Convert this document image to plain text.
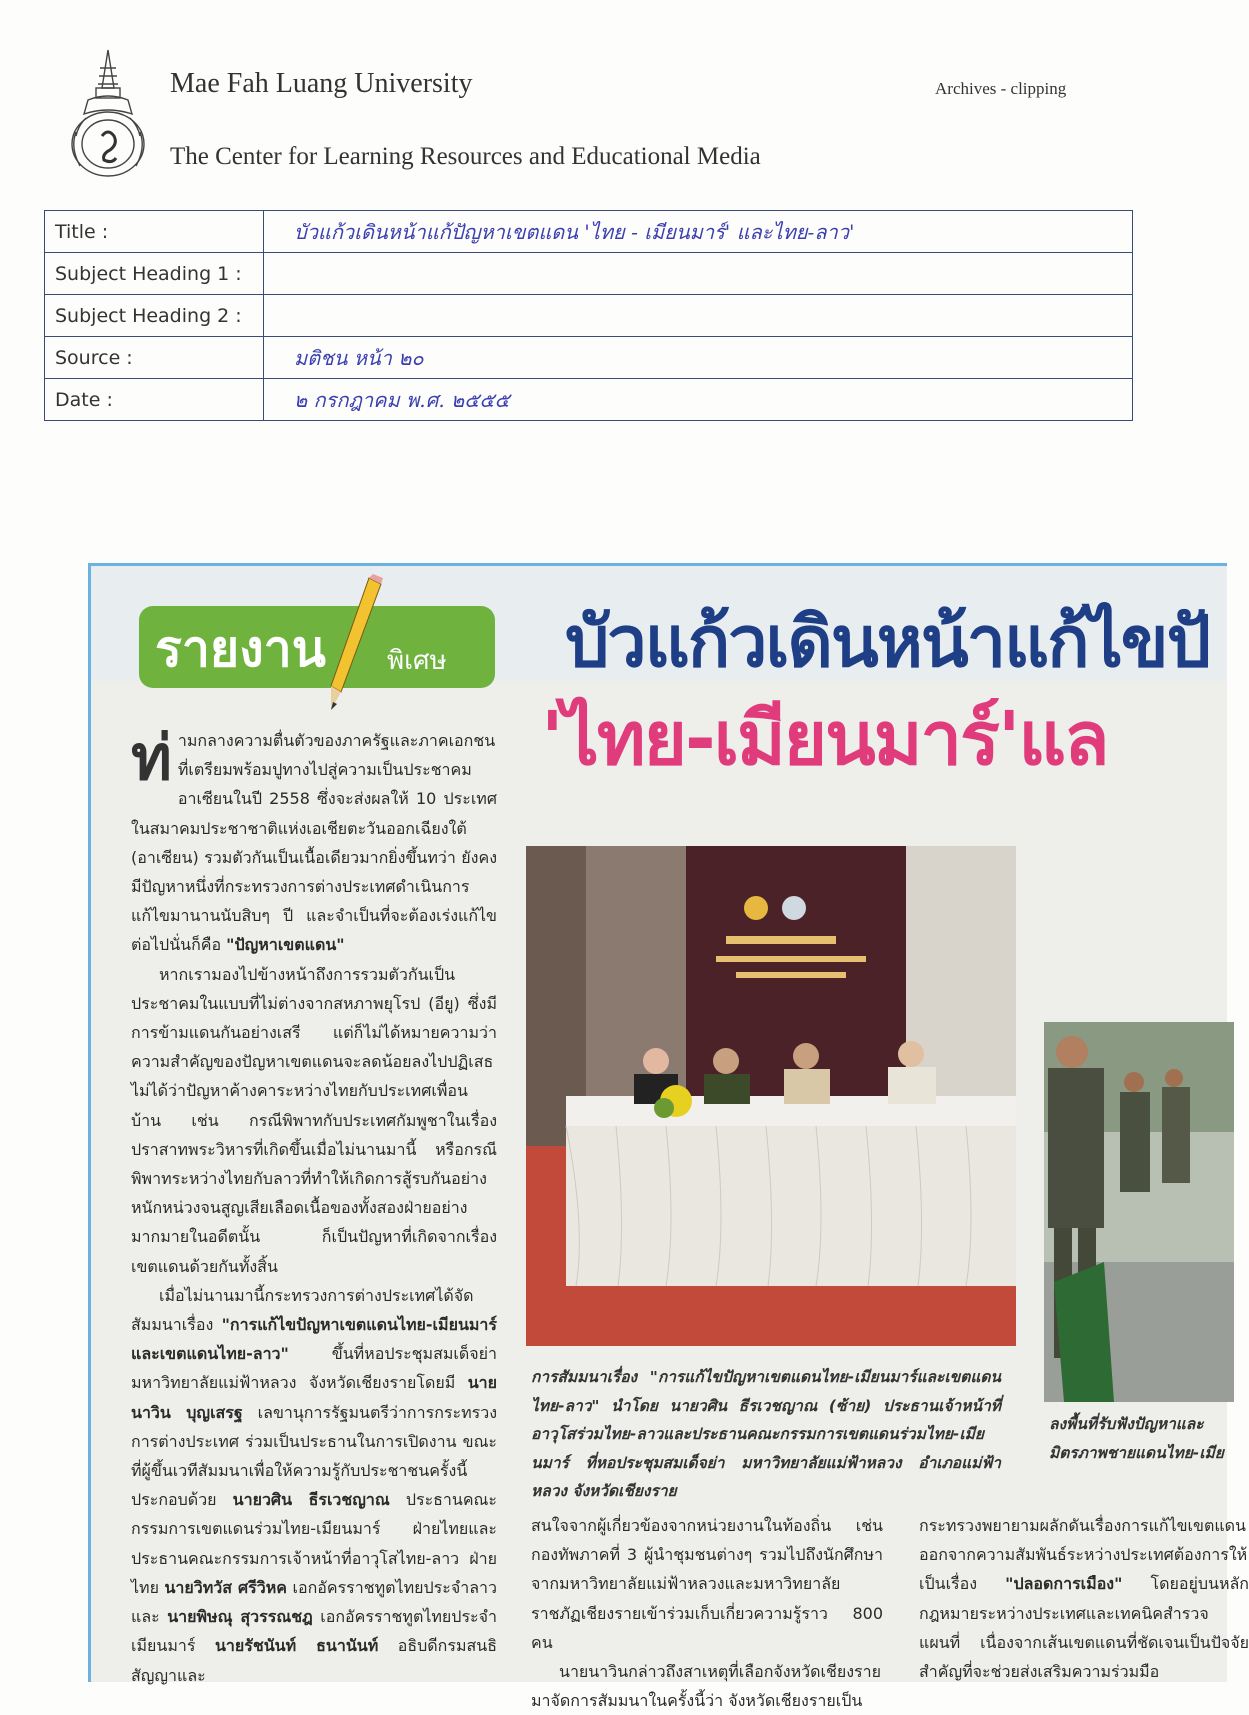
Mae Fah Luang University
The Center for Learning Resources and Educational Media
Archives - clipping
Title :	บัวแก้วเดินหน้าแก้ปัญหาเขตแดน 'ไทย - เมียนมาร์' และไทย-ลาว'
Subject Heading 1 :	
Subject Heading 2 :	
Source :	มติชน หน้า ๒๐
Date :	๒ กรกฎาคม พ.ศ. ๒๕๕๕
รายงาน พิเศษ บัวแก้วเดินหน้าแก้ไขปั
'ไทย-เมียนมาร์'แล

ท่ามกลางความตื่นตัวของภาครัฐและภาคเอกชนที่เตรียมพร้อมปูทางไปสู่ความเป็นประชาคมอาเซียนในปี 2558 ซึ่งจะส่งผลให้ 10 ประเทศในสมาคมประชาชาติแห่งเอเชียตะวันออกเฉียงใต้ (อาเซียน) รวมตัวกันเป็นเนื้อเดียวมากยิ่งขึ้นทว่า ยังคงมีปัญหาหนึ่งที่กระทรวงการต่างประเทศดำเนินการแก้ไขมานานนับสิบๆ ปี และจำเป็นที่จะต้องเร่งแก้ไขต่อไปนั่นก็คือ "ปัญหาเขตแดน"

หากเรามองไปข้างหน้าถึงการรวมตัวกันเป็นประชาคมในแบบที่ไม่ต่างจากสหภาพยุโรป (อียู) ซึ่งมีการข้ามแดนกันอย่างเสรี แต่ก็ไม่ได้หมายความว่าความสำคัญของปัญหาเขตแดนจะลดน้อยลงไปปฏิเสธไม่ได้ว่าปัญหาค้างคาระหว่างไทยกับประเทศเพื่อนบ้าน เช่น กรณีพิพาทกับประเทศกัมพูชาในเรื่องปราสาทพระวิหารที่เกิดขึ้นเมื่อไม่นานมานี้ หรือกรณีพิพาทระหว่างไทยกับลาวที่ทำให้เกิดการสู้รบกันอย่างหนักหน่วงจนสูญเสียเลือดเนื้อของทั้งสองฝ่ายอย่างมากมายในอดีตนั้น ก็เป็นปัญหาที่เกิดจากเรื่องเขตแดนด้วยกันทั้งสิ้น

เมื่อไม่นานมานี้กระทรวงการต่างประเทศได้จัดสัมมนาเรื่อง "การแก้ไขปัญหาเขตแดนไทย-เมียนมาร์และเขตแดนไทย-ลาว" ขึ้นที่หอประชุมสมเด็จย่า มหาวิทยาลัยแม่ฟ้าหลวง จังหวัดเชียงรายโดยมี นายนาวิน บุญเสรฐ เลขานุการรัฐมนตรีว่าการกระทรวงการต่างประเทศ ร่วมเป็นประธานในการเปิดงาน ขณะที่ผู้ขึ้นเวทีสัมมนาเพื่อให้ความรู้กับประชาชนครั้งนี้ ประกอบด้วย นายวศิน ธีรเวชญาณ ประธานคณะกรรมการเขตแดนร่วมไทย-เมียนมาร์ ฝ่ายไทยและประธานคณะกรรมการเจ้าหน้าที่อาวุโสไทย-ลาว ฝ่ายไทย นายวิทวัส ศรีวิหค เอกอัครราชทูตไทยประจำลาว และ นายพิษณุ สุวรรณชฎ เอกอัครราชทูตไทยประจำเมียนมาร์ นายรัชนันท์ ธนานันท์ อธิบดีกรมสนธิสัญญาและ

การสัมมนาเรื่อง "การแก้ไขปัญหาเขตแดนไทย-เมียนมาร์และเขตแดนไทย-ลาว" นำโดย นายวศิน ธีรเวชญาณ (ซ้าย) ประธานเจ้าหน้าที่อาวุโสร่วมไทย-ลาวและประธานคณะกรรมการเขตแดนร่วมไทย-เมียนมาร์ ที่หอประชุมสมเด็จย่า มหาวิทยาลัยแม่ฟ้าหลวง อำเภอแม่ฟ้าหลวง จังหวัดเชียงราย
ลงพื้นที่รับฟังปัญหาและ
มิตรภาพชายแดนไทย-เมีย

สนใจจากผู้เกี่ยวข้องจากหน่วยงานในท้องถิ่น เช่น กองทัพภาคที่ 3 ผู้นำชุมชนต่างๆ รวมไปถึงนักศึกษาจากมหาวิทยาลัยแม่ฟ้าหลวงและมหาวิทยาลัยราชภัฏเชียงรายเข้าร่วมเก็บเกี่ยวความรู้ราว 800 คน

นายนาวินกล่าวถึงสาเหตุที่เลือกจังหวัดเชียงรายมาจัดการสัมมนาในครั้งนี้ว่า จังหวัดเชียงรายเป็น

กระทรวงพยายามผลักดันเรื่องการแก้ไขเขตแดนออกจากความสัมพันธ์ระหว่างประเทศต้องการให้เป็นเรื่อง "ปลอดการเมือง" โดยอยู่บนหลักกฎหมายระหว่างประเทศและเทคนิคสำรวจแผนที่ เนื่องจากเส้นเขตแดนที่ชัดเจนเป็นปัจจัยสำคัญที่จะช่วยส่งเสริมความร่วมมือ
